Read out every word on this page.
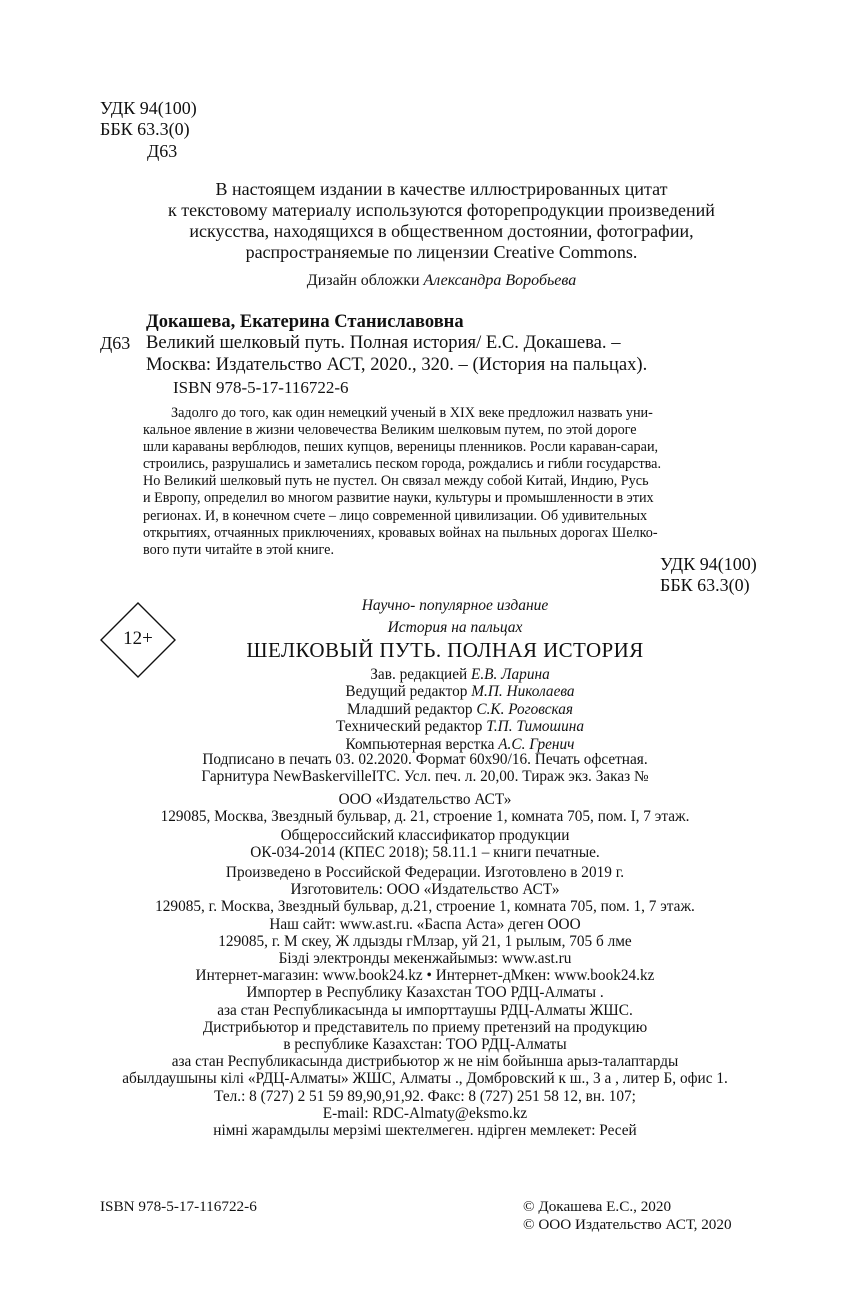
УДК 94(100)
ББК 63.3(0)
Д63
В настоящем издании в качестве иллюстрированных цитат
к текстовому материалу используются фоторепродукции произведений
искусства, находящихся в общественном достоянии, фотографии,
распространяемые по лицензии Creative Commons.
Дизайн обложки Александра Воробьева
Докашева, Екатерина Станиславовна
Д63 Великий шелковый путь. Полная история/ Е.С. Докашева. –
Москва: Издательство АСТ, 2020., 320. – (История на пальцах).
ISBN 978-5-17-116722-6
Задолго до того, как один немецкий ученый в XIX веке предложил назвать уни-
кальное явление в жизни человечества Великим шелковым путем, по этой дороге
шли караваны верблюдов, пеших купцов, вереницы пленников. Росли караван-сараи,
строились, разрушались и заметались песком города, рождались и гибли государства.
Но Великий шелковый путь не пустел. Он связал между собой Китай, Индию, Русь
и Европу, определил во многом развитие науки, культуры и промышленности в этих
регионах. И, в конечном счете – лицо современной цивилизации. Об удивительных
открытиях, отчаянных приключениях, кровавых войнах на пыльных дорогах Шелко-
вого пути читайте в этой книге.
УДК 94(100)
ББК 63.3(0)
12+
Научно- популярное издание
История на пальцах
ШЕЛКОВЫЙ ПУТЬ. ПОЛНАЯ ИСТОРИЯ
Зав. редакцией Е.В. Ларина
Ведущий редактор М.П. Николаева
Младший редактор С.К. Роговская
Технический редактор Т.П. Тимошина
Компьютерная верстка А.С. Гренич
Подписано в печать 03. 02.2020. Формат 60х90/16. Печать офсетная.
Гарнитура NewBaskervilleITC. Усл. печ. л. 20,00. Тираж экз. Заказ №
ООО «Издательство АСТ»
129085, Москва, Звездный бульвар, д. 21, строение 1, комната 705, пом. I, 7 этаж.
Общероссийский классификатор продукции
ОК-034-2014 (КПЕС 2018); 58.11.1 – книги печатные.
Произведено в Российской Федерации. Изготовлено в 2019 г.
Изготовитель: ООО «Издательство АСТ»
129085, г. Москва, Звездный бульвар, д.21, строение 1, комната 705, пом. 1, 7 этаж.
Наш сайт: www.ast.ru. «Баспа Аста» деген ООО
129085, г. М скеу, Ж лдызды гМлзар, уй 21, 1 рылым, 705 б лме
Бізді электронды мекенжайымыз: www.ast.ru
Интернет-магазин: www.book24.kz • Интернет-дМкен: www.book24.kz
Импортер в Республику Казахстан ТОО РДЦ-Алматы .
аза стан Республикасында ы импорттаушы РДЦ-Алматы ЖШС.
Дистрибьютор и представитель по приему претензий на продукцию
в республике Казахстан: ТОО РДЦ-Алматы
аза стан Республикасында дистрибьютор ж не нім бойынша арыз-талаптарды
абылдаушыны кілі «РДЦ-Алматы» ЖШС, Алматы ., Домбровский к ш., 3 а , литер Б, офис 1.
Тел.: 8 (727) 2 51 59 89,90,91,92. Факс: 8 (727) 251 58 12, вн. 107;
E-mail: RDC-Almaty@eksmo.kz
німні жарамдылы мерзімі шектелмеген. ндірген мемлекет: Ресей
ISBN 978-5-17-116722-6	© Докашева Е.С., 2020
© ООО Издательство АСТ, 2020
